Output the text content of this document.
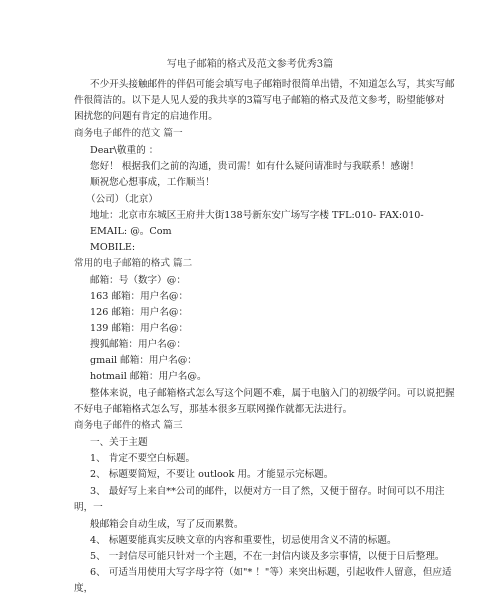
写电子邮箱的格式及范文参考优秀3篇
不少开头接触邮件的伴侣可能会填写电子邮箱时很简单出错，不知道怎么写，其实写邮
件很简洁的。以下是人见人爱的我共享的3篇写电子邮箱的格式及范文参考，盼望能够对
困扰您的问题有肯定的启迪作用。
商务电子邮件的范文 篇一
Dear\敬重的 ：
您好！ 根据我们之前的沟通，贵司需！如有什么疑问请准时与我联系！感谢！
顺祝您心想事成，工作顺当！
（公司）（北京）
地址：北京市东城区王府井大街138号新东安广场写字楼 TFL:010- FAX:010-
EMAIL: @。Com
MOBILE:
常用的电子邮箱的格式 篇二
邮箱：号（数字）@：
163 邮箱：用户名@：
126 邮箱：用户名@：
139 邮箱：用户名@：
搜狐邮箱：用户名@：
gmail 邮箱：用户名@：
hotmail 邮箱：用户名@。
整体来说，电子邮箱格式怎么写这个问题不难，属于电脑入门的初级学问。可以说把握
不好电子邮箱格式怎么写，那基本很多互联网操作就都无法进行。
商务电子邮件的格式 篇三
一、关于主题
1、 肯定不要空白标题。
2、 标题要简短，不要让 outlook 用。才能显示完标题。
3、 最好写上来自**公司的邮件，以便对方一目了然，又便于留存。时间可以不用注
明，一
般邮箱会自动生成，写了反而累赘。
4、 标题要能真实反映文章的内容和重要性，切忌使用含义不清的标题。
5、 一封信尽可能只针对一个主题，不在一封信内谈及多宗事情，以便于日后整理。
6、 可适当用使用大写字母字符（如"* ！"等）来突出标题，引起收件人留意，但应适
度，
